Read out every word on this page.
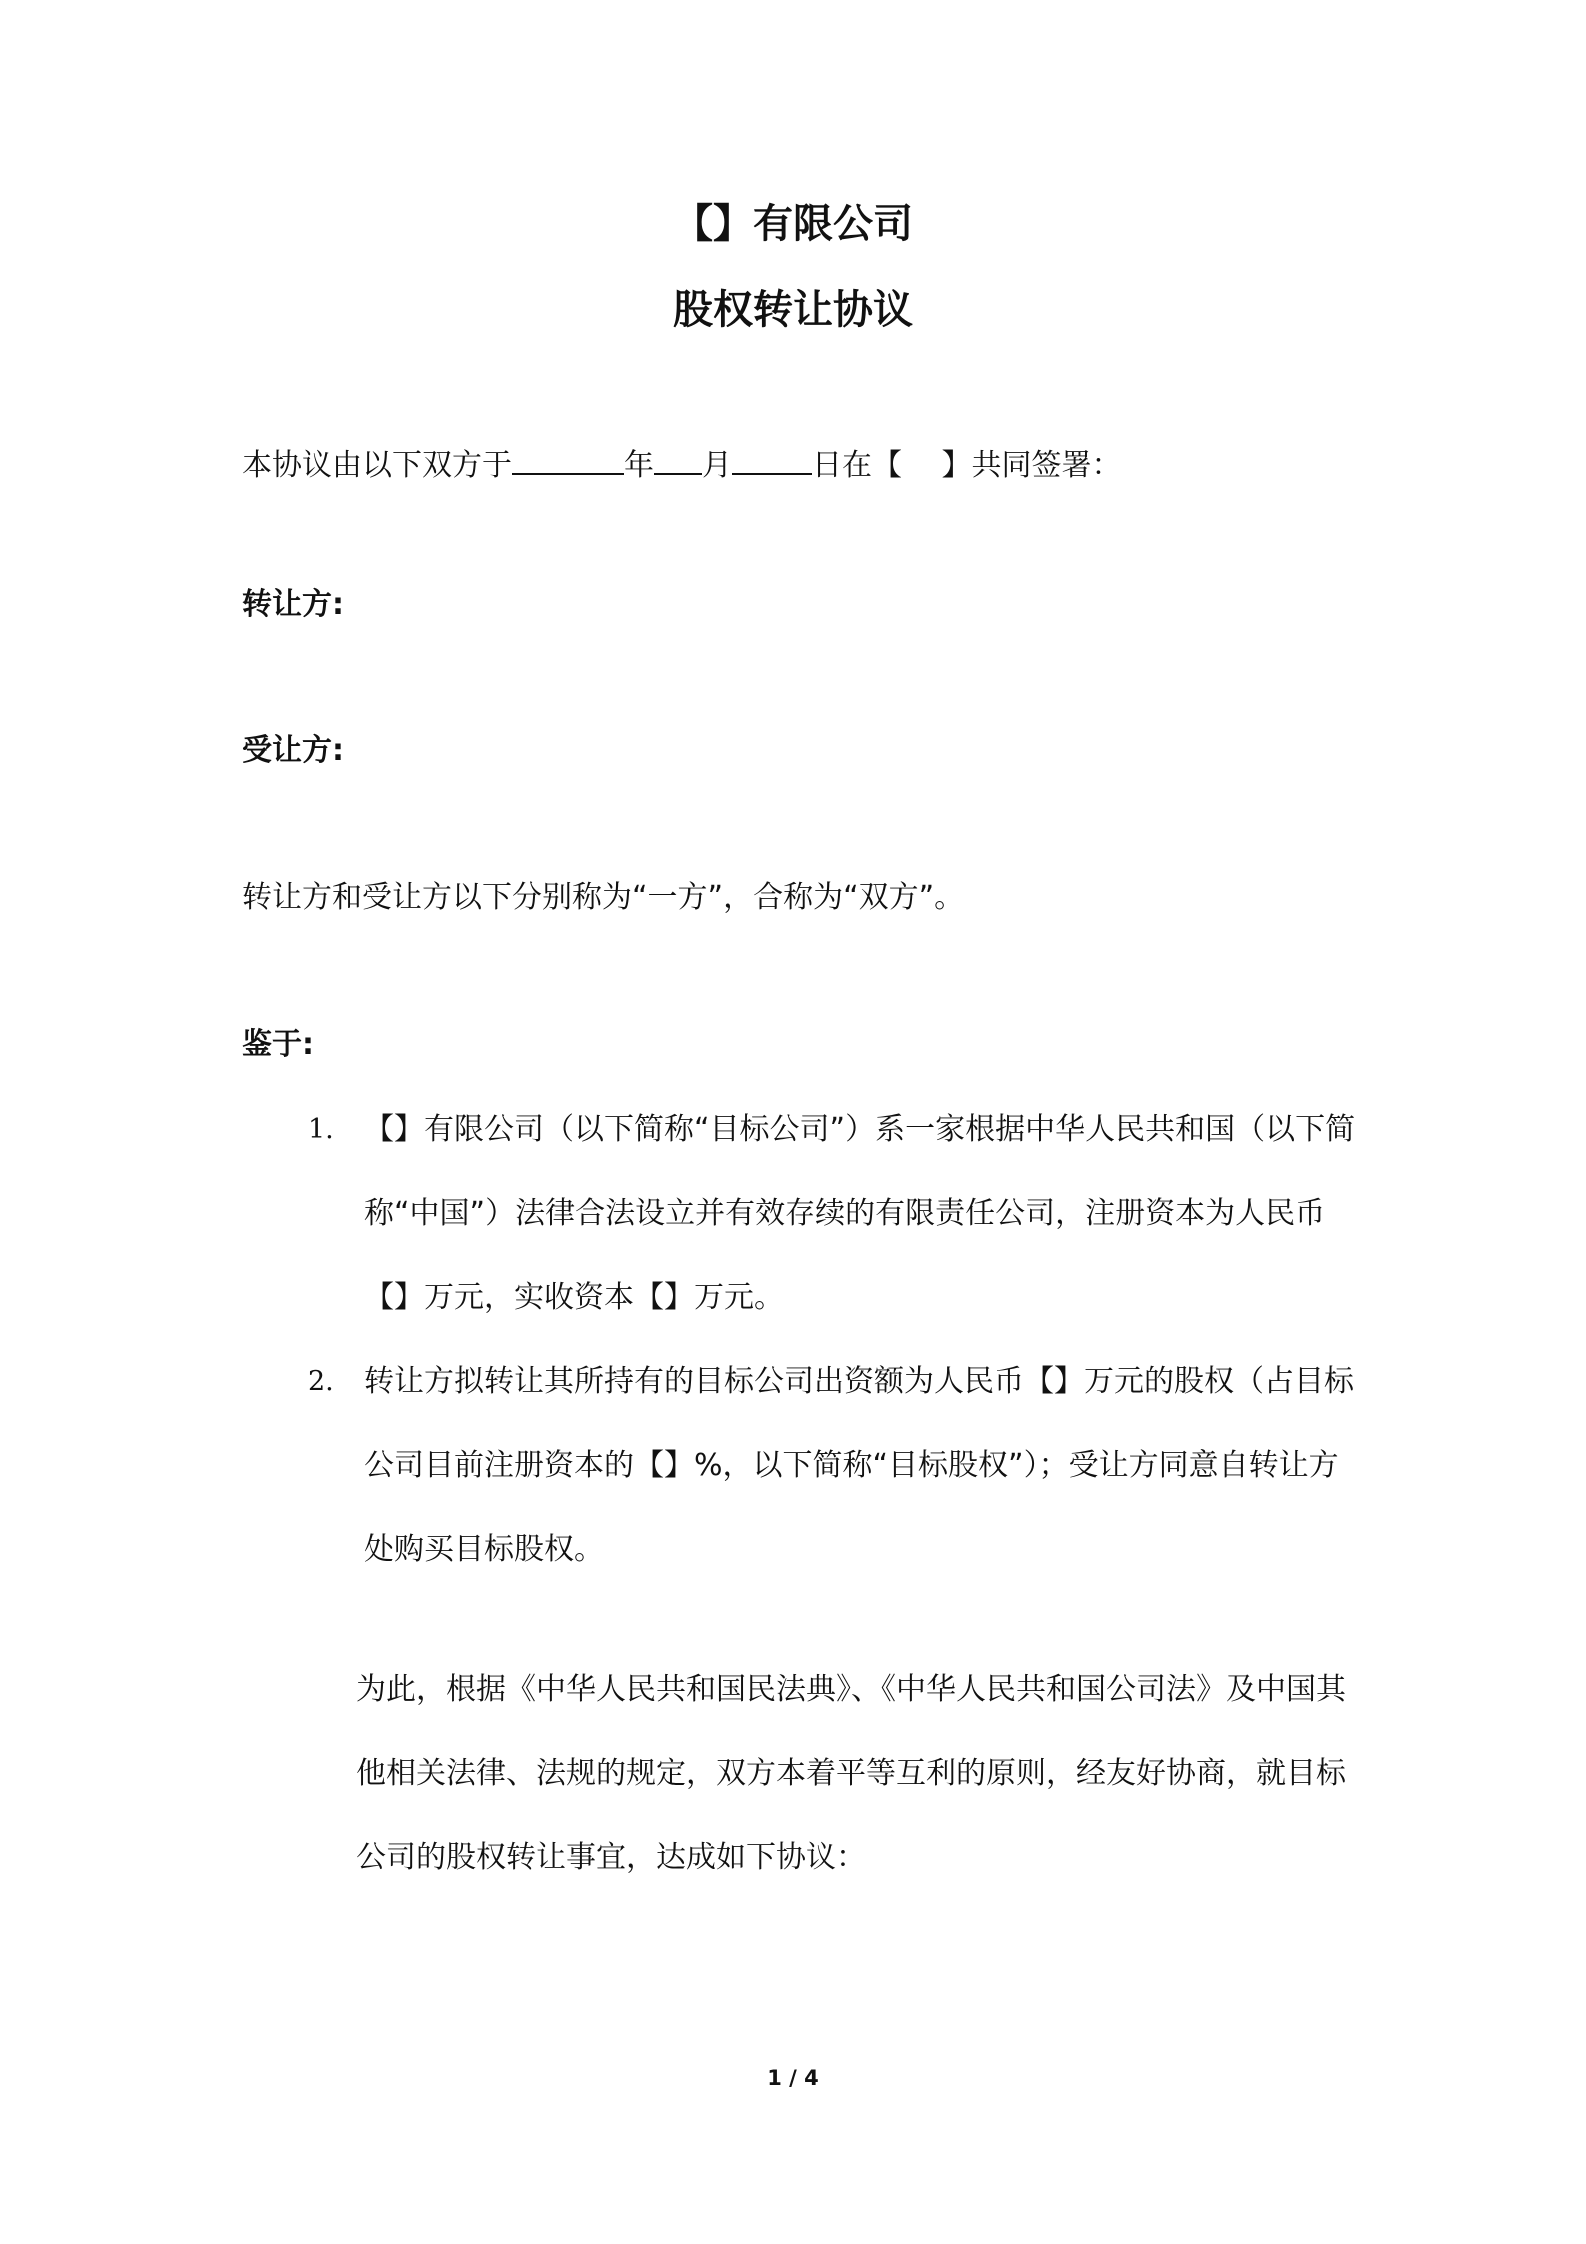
【】有限公司
股权转让协议

本协议由以下双方于	年 月	日在【　 】共同签署：

转让方:

受让方:

转让方和受让方以下分别称为“一方”，合称为“双方”。

鉴于:

1. 【】有限公司（以下简称“目标公司”）系一家根据中华人民共和国（以下简称“中国”）法律合法设立并有效存续的有限责任公司，注册资本为人民币【】万元，实收资本【】万元。
2. 转让方拟转让其所持有的目标公司出资额为人民币【】万元的股权（占目标公司目前注册资本的【】%，以下简称“目标股权”）；受让方同意自转让方处购买目标股权。

为此，根据《中华人民共和国民法典》、《中华人民共和国公司法》及中国其他相关法律、法规的规定，双方本着平等互利的原则，经友好协商，就目标公司的股权转让事宜，达成如下协议：

1 / 4
